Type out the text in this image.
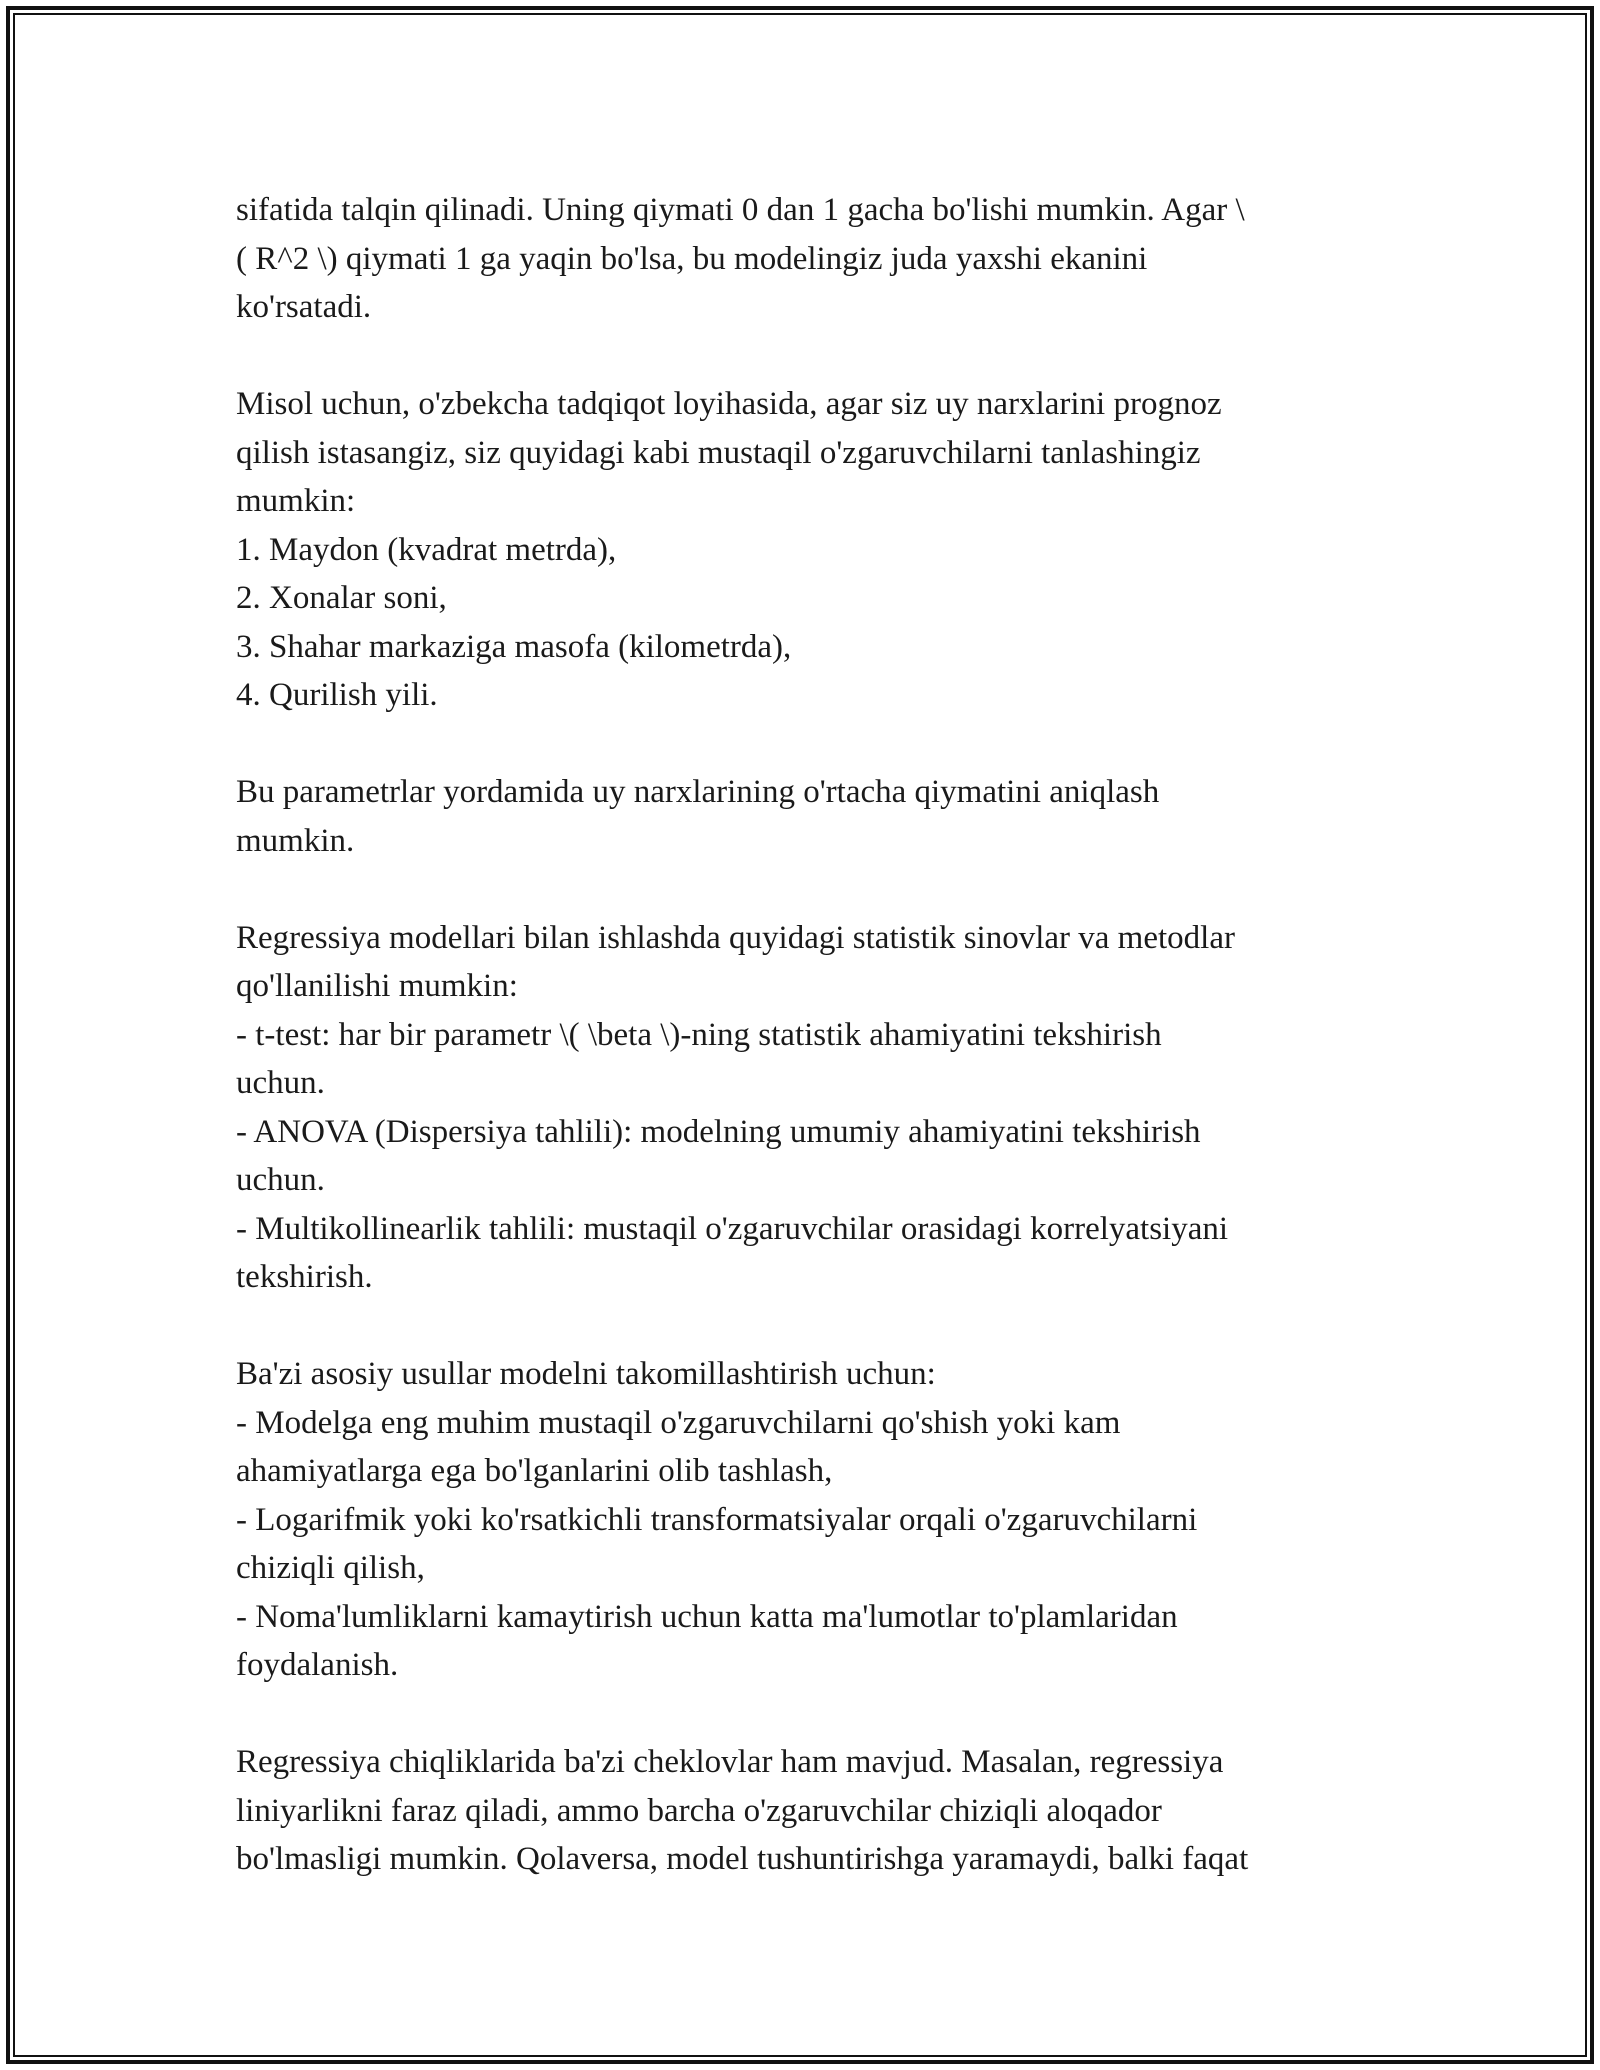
sifatida talqin qilinadi. Uning qiymati 0 dan 1 gacha bo'lishi mumkin. Agar \
( R^2 \) qiymati 1 ga yaqin bo'lsa, bu modelingiz juda yaxshi ekanini
ko'rsatadi.
Misol uchun, o'zbekcha tadqiqot loyihasida, agar siz uy narxlarini prognoz
qilish istasangiz, siz quyidagi kabi mustaqil o'zgaruvchilarni tanlashingiz
mumkin:
1. Maydon (kvadrat metrda),
2. Xonalar soni,
3. Shahar markaziga masofa (kilometrda),
4. Qurilish yili.
Bu parametrlar yordamida uy narxlarining o'rtacha qiymatini aniqlash
mumkin.
Regressiya modellari bilan ishlashda quyidagi statistik sinovlar va metodlar
qo'llanilishi mumkin:
- t-test: har bir parametr \( \beta \)-ning statistik ahamiyatini tekshirish
uchun.
- ANOVA (Dispersiya tahlili): modelning umumiy ahamiyatini tekshirish
uchun.
- Multikollinearlik tahlili: mustaqil o'zgaruvchilar orasidagi korrelyatsiyani
tekshirish.
Ba'zi asosiy usullar modelni takomillashtirish uchun:
- Modelga eng muhim mustaqil o'zgaruvchilarni qo'shish yoki kam
ahamiyatlarga ega bo'lganlarini olib tashlash,
- Logarifmik yoki ko'rsatkichli transformatsiyalar orqali o'zgaruvchilarni
chiziqli qilish,
- Noma'lumliklarni kamaytirish uchun katta ma'lumotlar to'plamlaridan
foydalanish.
Regressiya chiqliklarida ba'zi cheklovlar ham mavjud. Masalan, regressiya
liniyarlikni faraz qiladi, ammo barcha o'zgaruvchilar chiziqli aloqador
bo'lmasligi mumkin. Qolaversa, model tushuntirishga yaramaydi, balki faqat
